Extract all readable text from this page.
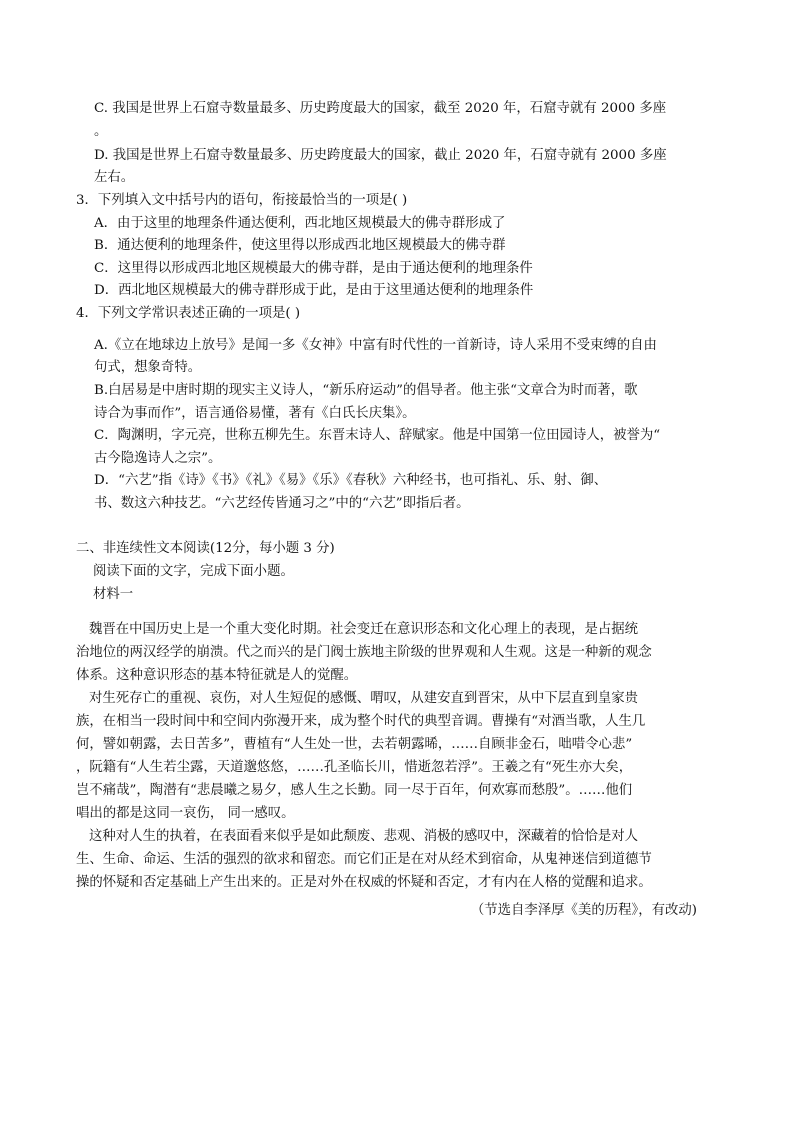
C. 我国是世界上石窟寺数量最多、历史跨度最大的国家，截至 2020 年，石窟寺就有 2000 多座
。
D. 我国是世界上石窟寺数量最多、历史跨度最大的国家，截止 2020 年，石窟寺就有 2000 多座
左右。
3．下列填入文中括号内的语句，衔接最恰当的一项是( )
A．由于这里的地理条件通达便利，西北地区规模最大的佛寺群形成了
B．通达便利的地理条件，使这里得以形成西北地区规模最大的佛寺群
C．这里得以形成西北地区规模最大的佛寺群，是由于通达便利的地理条件
D．西北地区规模最大的佛寺群形成于此，是由于这里通达便利的地理条件
4．下列文学常识表述正确的一项是( )
A.《立在地球边上放号》是闻一多《女神》中富有时代性的一首新诗，诗人采用不受束缚的自由
句式，想象奇特。
B.白居易是中唐时期的现实主义诗人，“新乐府运动”的倡导者。他主张“文章合为时而著，歌
诗合为事而作”，语言通俗易懂，著有《白氏长庆集》。
C．陶渊明，字元亮，世称五柳先生。东晋末诗人、辞赋家。他是中国第一位田园诗人，被誉为“
古今隐逸诗人之宗”。
D．“六艺”指《诗》《书》《礼》《易》《乐》《春秋》六种经书，也可指礼、乐、射、御、
书、数这六种技艺。“六艺经传皆通习之”中的“六艺”即指后者。
二、非连续性文本阅读(12分，每小题 3 分)
阅读下面的文字，完成下面小题。
材料一
魏晋在中国历史上是一个重大变化时期。社会变迁在意识形态和文化心理上的表现，是占据统
治地位的两汉经学的崩溃。代之而兴的是门阀士族地主阶级的世界观和人生观。这是一种新的观念
体系。这种意识形态的基本特征就是人的觉醒。
对生死存亡的重视、哀伤，对人生短促的感慨、喟叹，从建安直到晋宋，从中下层直到皇家贵
族，在相当一段时间中和空间内弥漫开来，成为整个时代的典型音调。曹操有“对酒当歌，人生几
何，譬如朝露，去日苦多”，曹植有“人生处一世，去若朝露晞，……自顾非金石，咄唶令心悲”
，阮籍有“人生若尘露，天道邈悠悠，……孔圣临长川，惜逝忽若浮”。王羲之有“死生亦大矣，
岂不痛哉”，陶潜有“悲晨曦之易夕，感人生之长勤。同一尽于百年，何欢寡而愁殷”。……他们
唱出的都是这同一哀伤， 同一感叹。
这种对人生的执着，在表面看来似乎是如此颓废、悲观、消极的感叹中，深藏着的恰恰是对人
生、生命、命运、生活的强烈的欲求和留恋。而它们正是在对从经术到宿命，从鬼神迷信到道德节
操的怀疑和否定基础上产生出来的。正是对外在权威的怀疑和否定，才有内在人格的觉醒和追求。
（节选自李泽厚《美的历程》，有改动)
